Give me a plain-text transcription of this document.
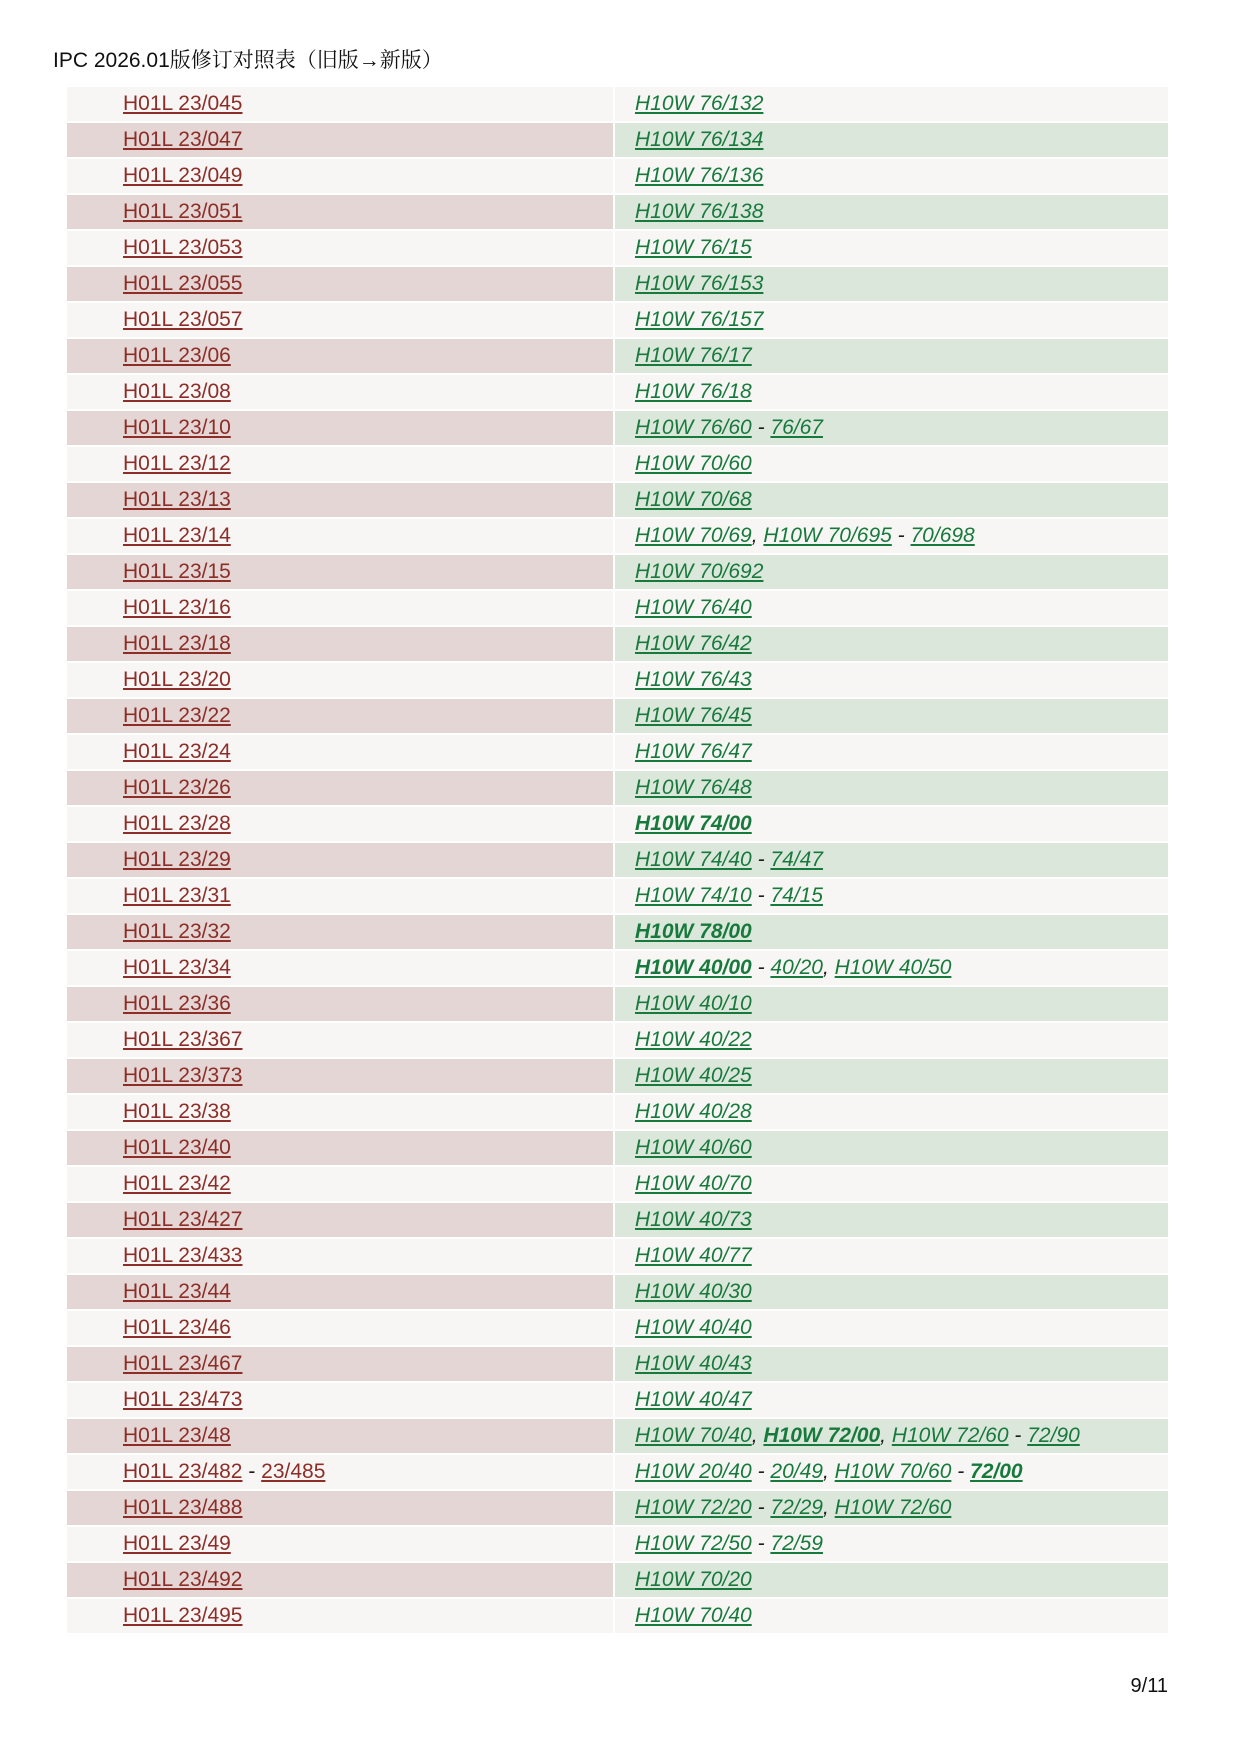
IPC 2026.01版修订对照表（旧版→新版）
H01L 23/045	H10W 76/132
H01L 23/047	H10W 76/134
H01L 23/049	H10W 76/136
H01L 23/051	H10W 76/138
H01L 23/053	H10W 76/15
H01L 23/055	H10W 76/153
H01L 23/057	H10W 76/157
H01L 23/06	H10W 76/17
H01L 23/08	H10W 76/18
H01L 23/10	H10W 76/60 - 76/67
H01L 23/12	H10W 70/60
H01L 23/13	H10W 70/68
H01L 23/14	H10W 70/69, H10W 70/695 - 70/698
H01L 23/15	H10W 70/692
H01L 23/16	H10W 76/40
H01L 23/18	H10W 76/42
H01L 23/20	H10W 76/43
H01L 23/22	H10W 76/45
H01L 23/24	H10W 76/47
H01L 23/26	H10W 76/48
H01L 23/28	H10W 74/00
H01L 23/29	H10W 74/40 - 74/47
H01L 23/31	H10W 74/10 - 74/15
H01L 23/32	H10W 78/00
H01L 23/34	H10W 40/00 - 40/20, H10W 40/50
H01L 23/36	H10W 40/10
H01L 23/367	H10W 40/22
H01L 23/373	H10W 40/25
H01L 23/38	H10W 40/28
H01L 23/40	H10W 40/60
H01L 23/42	H10W 40/70
H01L 23/427	H10W 40/73
H01L 23/433	H10W 40/77
H01L 23/44	H10W 40/30
H01L 23/46	H10W 40/40
H01L 23/467	H10W 40/43
H01L 23/473	H10W 40/47
H01L 23/48	H10W 70/40, H10W 72/00, H10W 72/60 - 72/90
H01L 23/482 - 23/485	H10W 20/40 - 20/49, H10W 70/60 - 72/00
H01L 23/488	H10W 72/20 - 72/29, H10W 72/60
H01L 23/49	H10W 72/50 - 72/59
H01L 23/492	H10W 70/20
H01L 23/495	H10W 70/40
9/11
